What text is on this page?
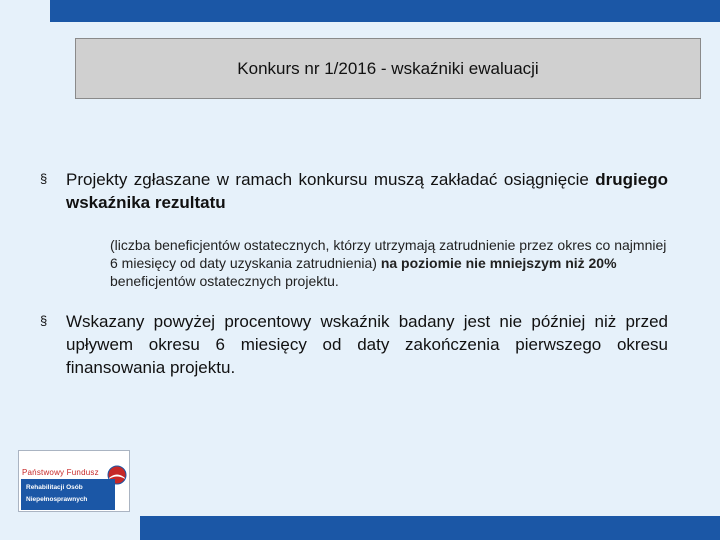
Konkurs nr 1/2016 - wskaźniki ewaluacji
§	Projekty zgłaszane w ramach konkursu muszą zakładać osiągnięcie drugiego wskaźnika rezultatu
(liczba beneficjentów ostatecznych, którzy utrzymają zatrudnienie przez okres co najmniej 6 miesięcy od daty uzyskania zatrudnienia) na poziomie nie mniejszym niż 20% beneficjentów ostatecznych projektu.
§	Wskazany powyżej procentowy wskaźnik badany jest nie później niż przed upływem okresu 6 miesięcy od daty zakończenia pierwszego okresu finansowania projektu.
Państwowy Fundusz
Rehabilitacji Osób
Niepełnosprawnych
